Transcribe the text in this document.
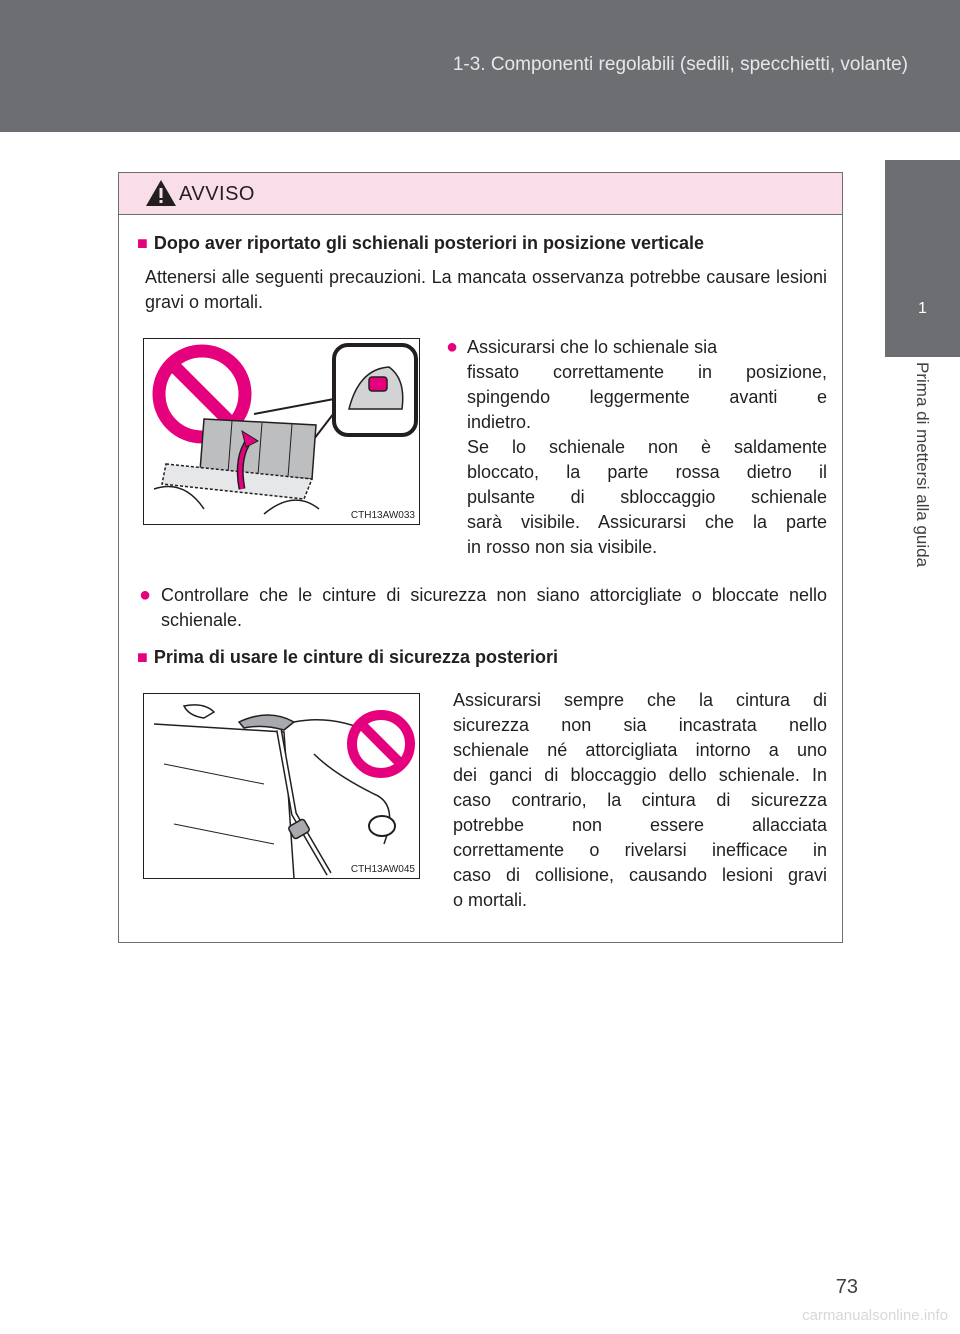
1-3. Componenti regolabili (sedili, specchietti, volante)
1
Prima di mettersi alla guida
AVVISO
■ Dopo aver riportato gli schienali posteriori in posizione verticale
Attenersi alle seguenti precauzioni. La mancata osservanza potrebbe causare lesioni gravi o mortali.
CTH13AW033
● Assicurarsi che lo schienale sia
fissato correttamente in posizione,
spingendo leggermente avanti e
indietro.
Se lo schienale non è saldamente
bloccato, la parte rossa dietro il
pulsante di sbloccaggio schienale
sarà visibile. Assicurarsi che la parte
in rosso non sia visibile.
● Controllare che le cinture di sicurezza non siano attorcigliate o bloccate nello schienale.
■ Prima di usare le cinture di sicurezza posteriori
CTH13AW045
Assicurarsi sempre che la cintura di
sicurezza non sia incastrata nello
schienale né attorcigliata intorno a uno
dei ganci di bloccaggio dello schienale. In
caso contrario, la cintura di sicurezza
potrebbe non essere allacciata
correttamente o rivelarsi inefficace in
caso di collisione, causando lesioni gravi
o mortali.
73
carmanualsonline.info
